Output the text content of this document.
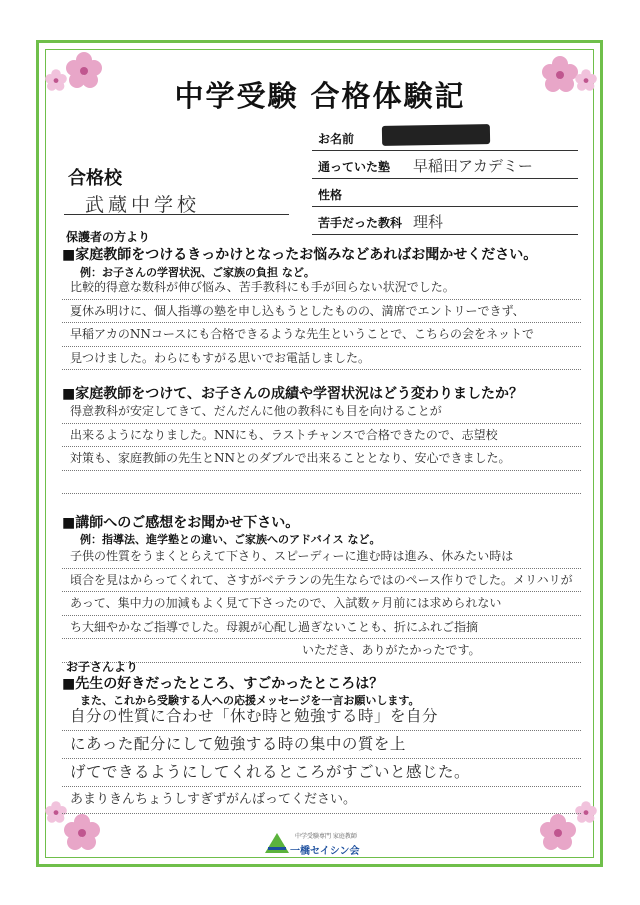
中学受験 合格体験記
お名前
通っていた塾	早稲田アカデミー
性格
苦手だった教科 理科
合格校
武蔵中学校
保護者の方より
■家庭教師をつけるきっかけとなったお悩みなどあればお聞かせください。
例：お子さんの学習状況、ご家族の負担 など。
比較的得意な数科が伸び悩み、苦手教科にも手が回らない状況でした。
夏休み明けに、個人指導の塾を申し込もうとしたものの、満席でエントリーできず、
早稲アカのNNコースにも合格できるような先生ということで、こちらの会をネットで
見つけました。わらにもすがる思いでお電話しました。
■家庭教師をつけて、お子さんの成績や学習状況はどう変わりましたか？
得意教科が安定してきて、だんだんに他の教科にも目を向けることが
出来るようになりました。NNにも、ラストチャンスで合格できたので、志望校
対策も、家庭教師の先生とNNとのダブルで出来ることとなり、安心できました。
■講師へのご感想をお聞かせ下さい。
例：指導法、進学塾との違い、ご家族へのアドバイス など。
子供の性質をうまくとらえて下さり、スピーディーに進む時は進み、休みたい時は
頃合を見はからってくれて、さすがベテランの先生ならではのペース作りでした。メリハリが
あって、集中力の加減もよく見て下さったので、入試数ヶ月前には求められない
ち大細やかなご指導でした。母親が心配し過ぎないことも、折にふれご指摘
いただき、ありがたかったです。
お子さんより
■先生の好きだったところ、すごかったところは？
また、これから受験する人への応援メッセージを一言お願いします。
自分の性質に合わせ「休む時と勉強する時」を自分
にあった配分にして勉強する時の集中の質を上
げてできるようにしてくれるところがすごいと感じた。
あまりきんちょうしすぎずがんばってください。
中学受験専門 家庭教師
一橋セイシン会
